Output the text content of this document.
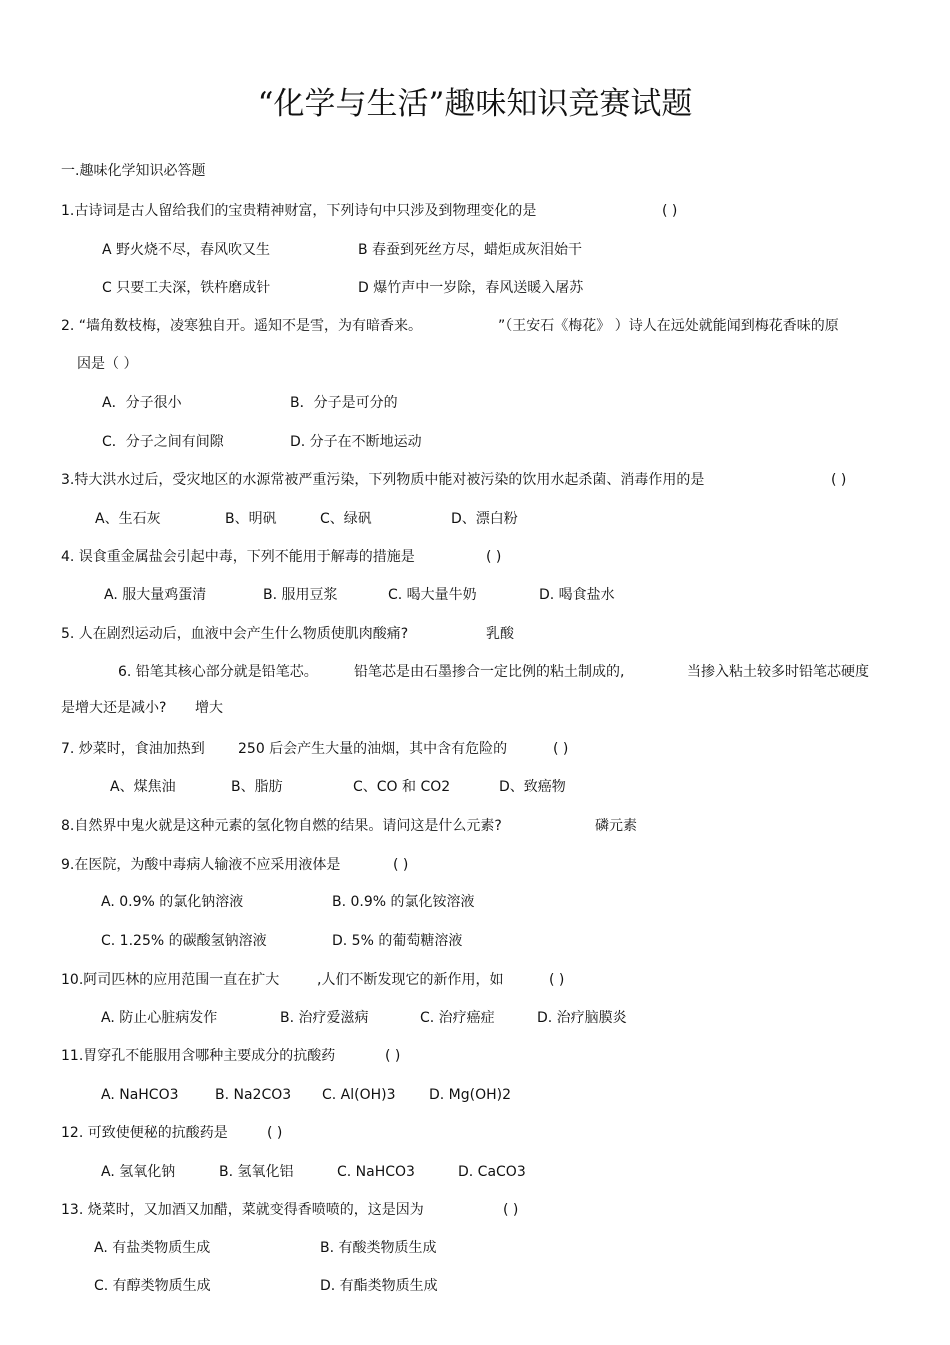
“化学与生活”趣味知识竞赛试题
一.趣味化学知识必答题
1.古诗词是古人留给我们的宝贵精神财富，下列诗句中只涉及到物理变化的是	( )
A 野火烧不尽，春风吹又生	B 春蚕到死丝方尽，蜡炬成灰泪始干
C 只要工夫深，铁杵磨成针	D 爆竹声中一岁除，春风送暖入屠苏
2. “墙角数枝梅，凌寒独自开。遥知不是雪，为有暗香来。	”（王安石《梅花》 ）诗人在远处就能闻到梅花香味的原
因是（ ）
A．分子很小	B．分子是可分的
C．分子之间有间隙	D. 分子在不断地运动
3.特大洪水过后，受灾地区的水源常被严重污染，下列物质中能对被污染的饮用水起杀菌、消毒作用的是	( )
A、生石灰	B、明矾	C、绿矾	D、漂白粉
4. 误食重金属盐会引起中毒，下列不能用于解毒的措施是	( )
A. 服大量鸡蛋清	B. 服用豆浆	C. 喝大量牛奶	D. 喝食盐水
5. 人在剧烈运动后，血液中会产生什么物质使肌肉酸痛?	乳酸
6. 铅笔其核心部分就是铅笔芯。	铅笔芯是由石墨掺合一定比例的粘土制成的,	当掺入粘土较多时铅笔芯硬度
是增大还是减小? 增大
7. 炒菜时，食油加热到 250 后会产生大量的油烟，其中含有危险的	( )
A、煤焦油	B、脂肪	C、CO 和 CO2	D、致癌物
8.自然界中鬼火就是这种元素的氢化物自燃的结果。请问这是什么元素?	磷元素
9.在医院，为酸中毒病人输液不应采用液体是	( )
A. 0.9% 的氯化钠溶液	B. 0.9% 的氯化铵溶液
C. 1.25% 的碳酸氢钠溶液	D. 5% 的葡萄糖溶液
10.阿司匹林的应用范围一直在扩大	,人们不断发现它的新作用，如	( )
A. 防止心脏病发作	B. 治疗爱滋病	C. 治疗癌症	D. 治疗脑膜炎
11.胃穿孔不能服用含哪种主要成分的抗酸药	( )
A. NaHCO3	B. Na2CO3 C. Al(OH)3 D. Mg(OH)2
12. 可致使便秘的抗酸药是	( )
A. 氢氧化钠	B. 氢氧化铝	C. NaHCO3	D. CaCO3
13. 烧菜时，又加酒又加醋，菜就变得香喷喷的，这是因为	( )
A. 有盐类物质生成	B. 有酸类物质生成
C. 有醇类物质生成	D. 有酯类物质生成
